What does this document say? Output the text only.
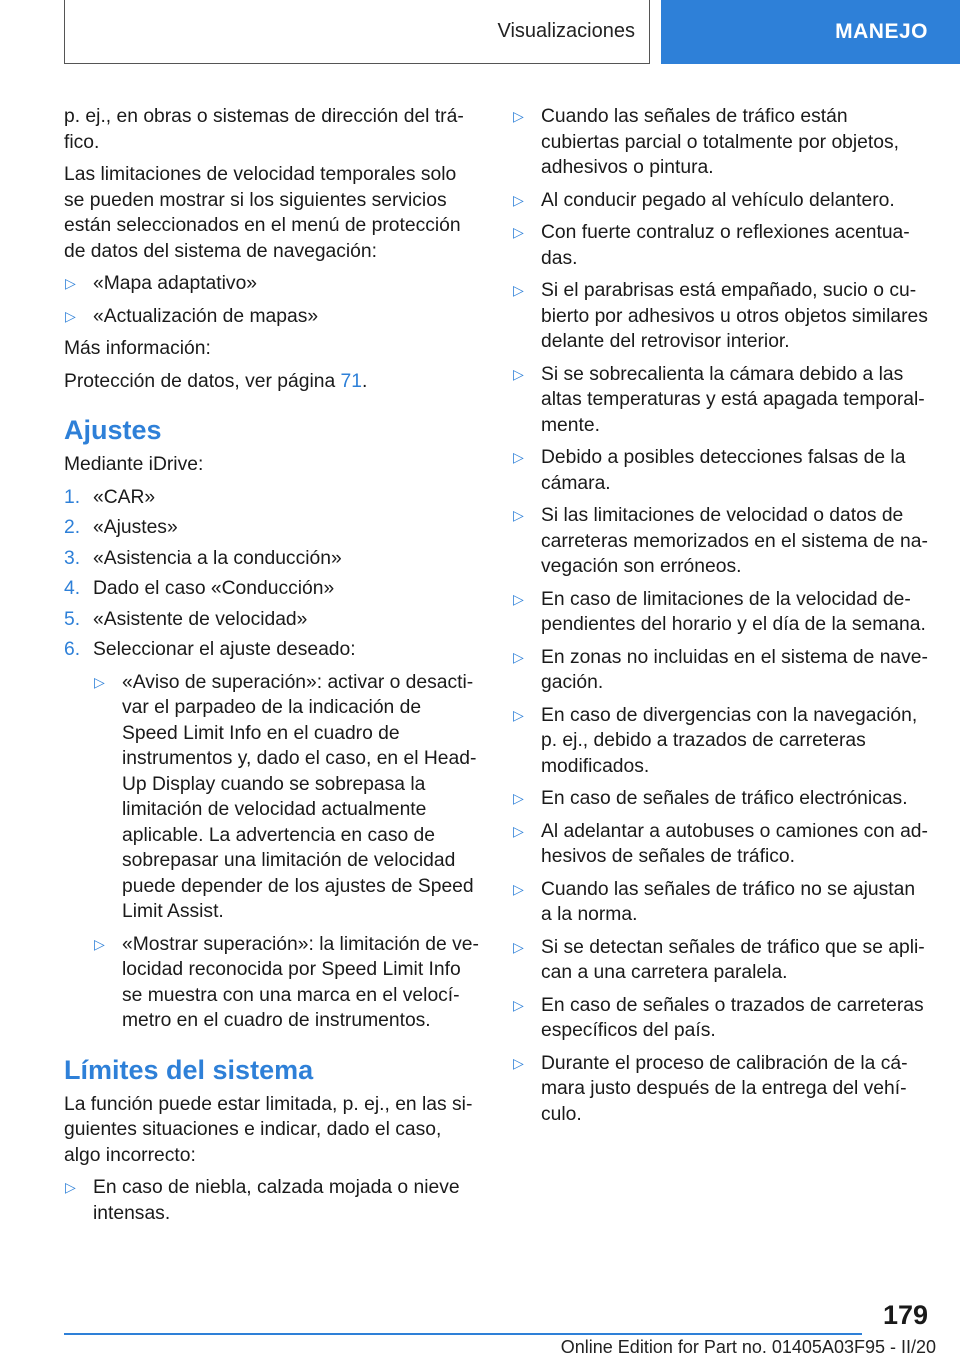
Visualizaciones	MANEJO

p. ej., en obras o sistemas de dirección del tráfico.

Las limitaciones de velocidad temporales solo se pueden mostrar si los siguientes servicios están seleccionados en el menú de protección de datos del sistema de navegación:

▷ «Mapa adaptativo»
▷ «Actualización de mapas»

Más información:

Protección de datos, ver página 71.

Ajustes

Mediante iDrive:

1. «CAR»
2. «Ajustes»
3. «Asistencia a la conducción»
4. Dado el caso «Conducción»
5. «Asistente de velocidad»
6. Seleccionar el ajuste deseado:
▷ «Aviso de superación»: activar o desactivar el parpadeo de la indicación de Speed Limit Info en el cuadro de instrumentos y, dado el caso, en el Head-Up Display cuando se sobrepasa la limitación de velocidad actualmente aplicable. La advertencia en caso de sobrepasar una limitación de velocidad puede depender de los ajustes de Speed Limit Assist.
▷ «Mostrar superación»: la limitación de velocidad reconocida por Speed Limit Info se muestra con una marca en el velocímetro en el cuadro de instrumentos.
Límites del sistema

La función puede estar limitada, p. ej., en las siguientes situaciones e indicar, dado el caso, algo incorrecto:

▷ En caso de niebla, calzada mojada o nieve intensas.
▷ Cuando las señales de tráfico están cubiertas parcial o totalmente por objetos, adhesivos o pintura.
▷ Al conducir pegado al vehículo delantero.
▷ Con fuerte contraluz o reflexiones acentuadas.
▷ Si el parabrisas está empañado, sucio o cubierto por adhesivos u otros objetos similares delante del retrovisor interior.
▷ Si se sobrecalienta la cámara debido a las altas temperaturas y está apagada temporalmente.
▷ Debido a posibles detecciones falsas de la cámara.
▷ Si las limitaciones de velocidad o datos de carreteras memorizados en el sistema de navegación son erróneos.
▷ En caso de limitaciones de la velocidad dependientes del horario y el día de la semana.
▷ En zonas no incluidas en el sistema de navegación.
▷ En caso de divergencias con la navegación, p. ej., debido a trazados de carreteras modificados.
▷ En caso de señales de tráfico electrónicas.
▷ Al adelantar a autobuses o camiones con adhesivos de señales de tráfico.
▷ Cuando las señales de tráfico no se ajustan a la norma.
▷ Si se detectan señales de tráfico que se aplican a una carretera paralela.
▷ En caso de señales o trazados de carreteras específicos del país.
▷ Durante el proceso de calibración de la cámara justo después de la entrega del vehículo.
179
Online Edition for Part no. 01405A03F95 - II/20
